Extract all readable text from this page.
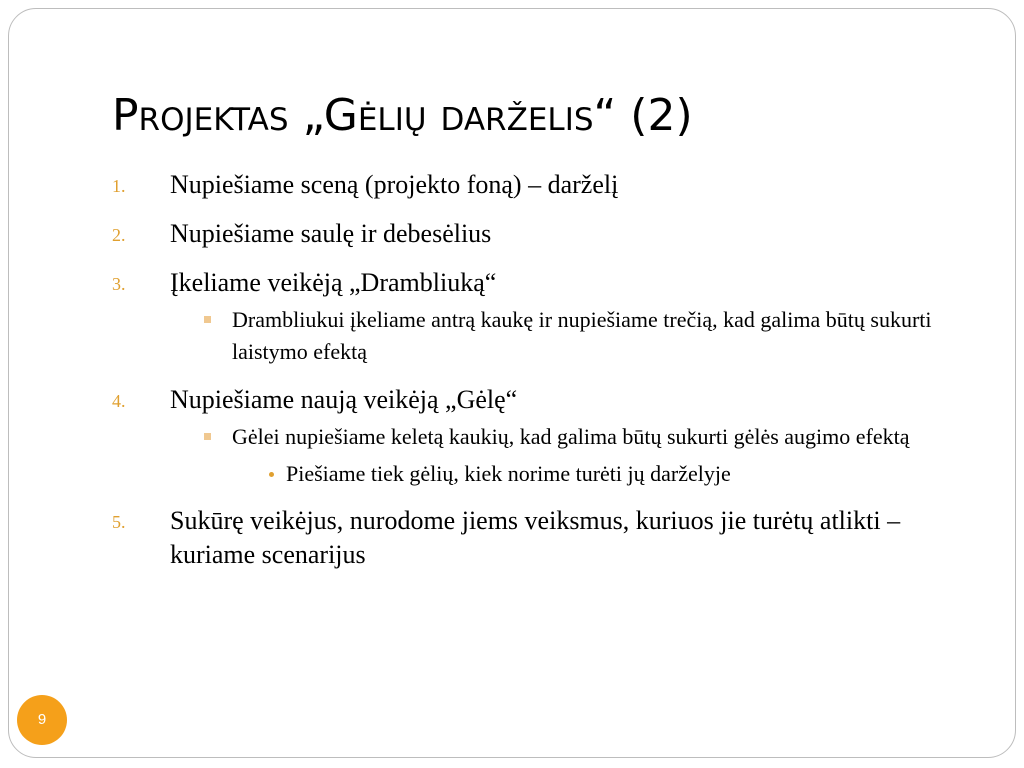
Projektas „Gėlių darželis“ (2)
1. Nupiešiame sceną (projekto foną) – darželį
2. Nupiešiame saulę ir debesėlius
3. Įkeliame veikėją „Drambliuką“
Drambliukui įkeliame antrą kaukę ir nupiešiame trečią, kad galima būtų sukurti laistymo efektą
4. Nupiešiame naują veikėją „Gėlę“
Gėlei nupiešiame keletą kaukių, kad galima būtų sukurti gėlės augimo efektą
Piešiame tiek gėlių, kiek norime turėti jų darželyje
5. Sukūrę veikėjus, nurodome jiems veiksmus, kuriuos jie turėtų atlikti – kuriame scenarijus
9
